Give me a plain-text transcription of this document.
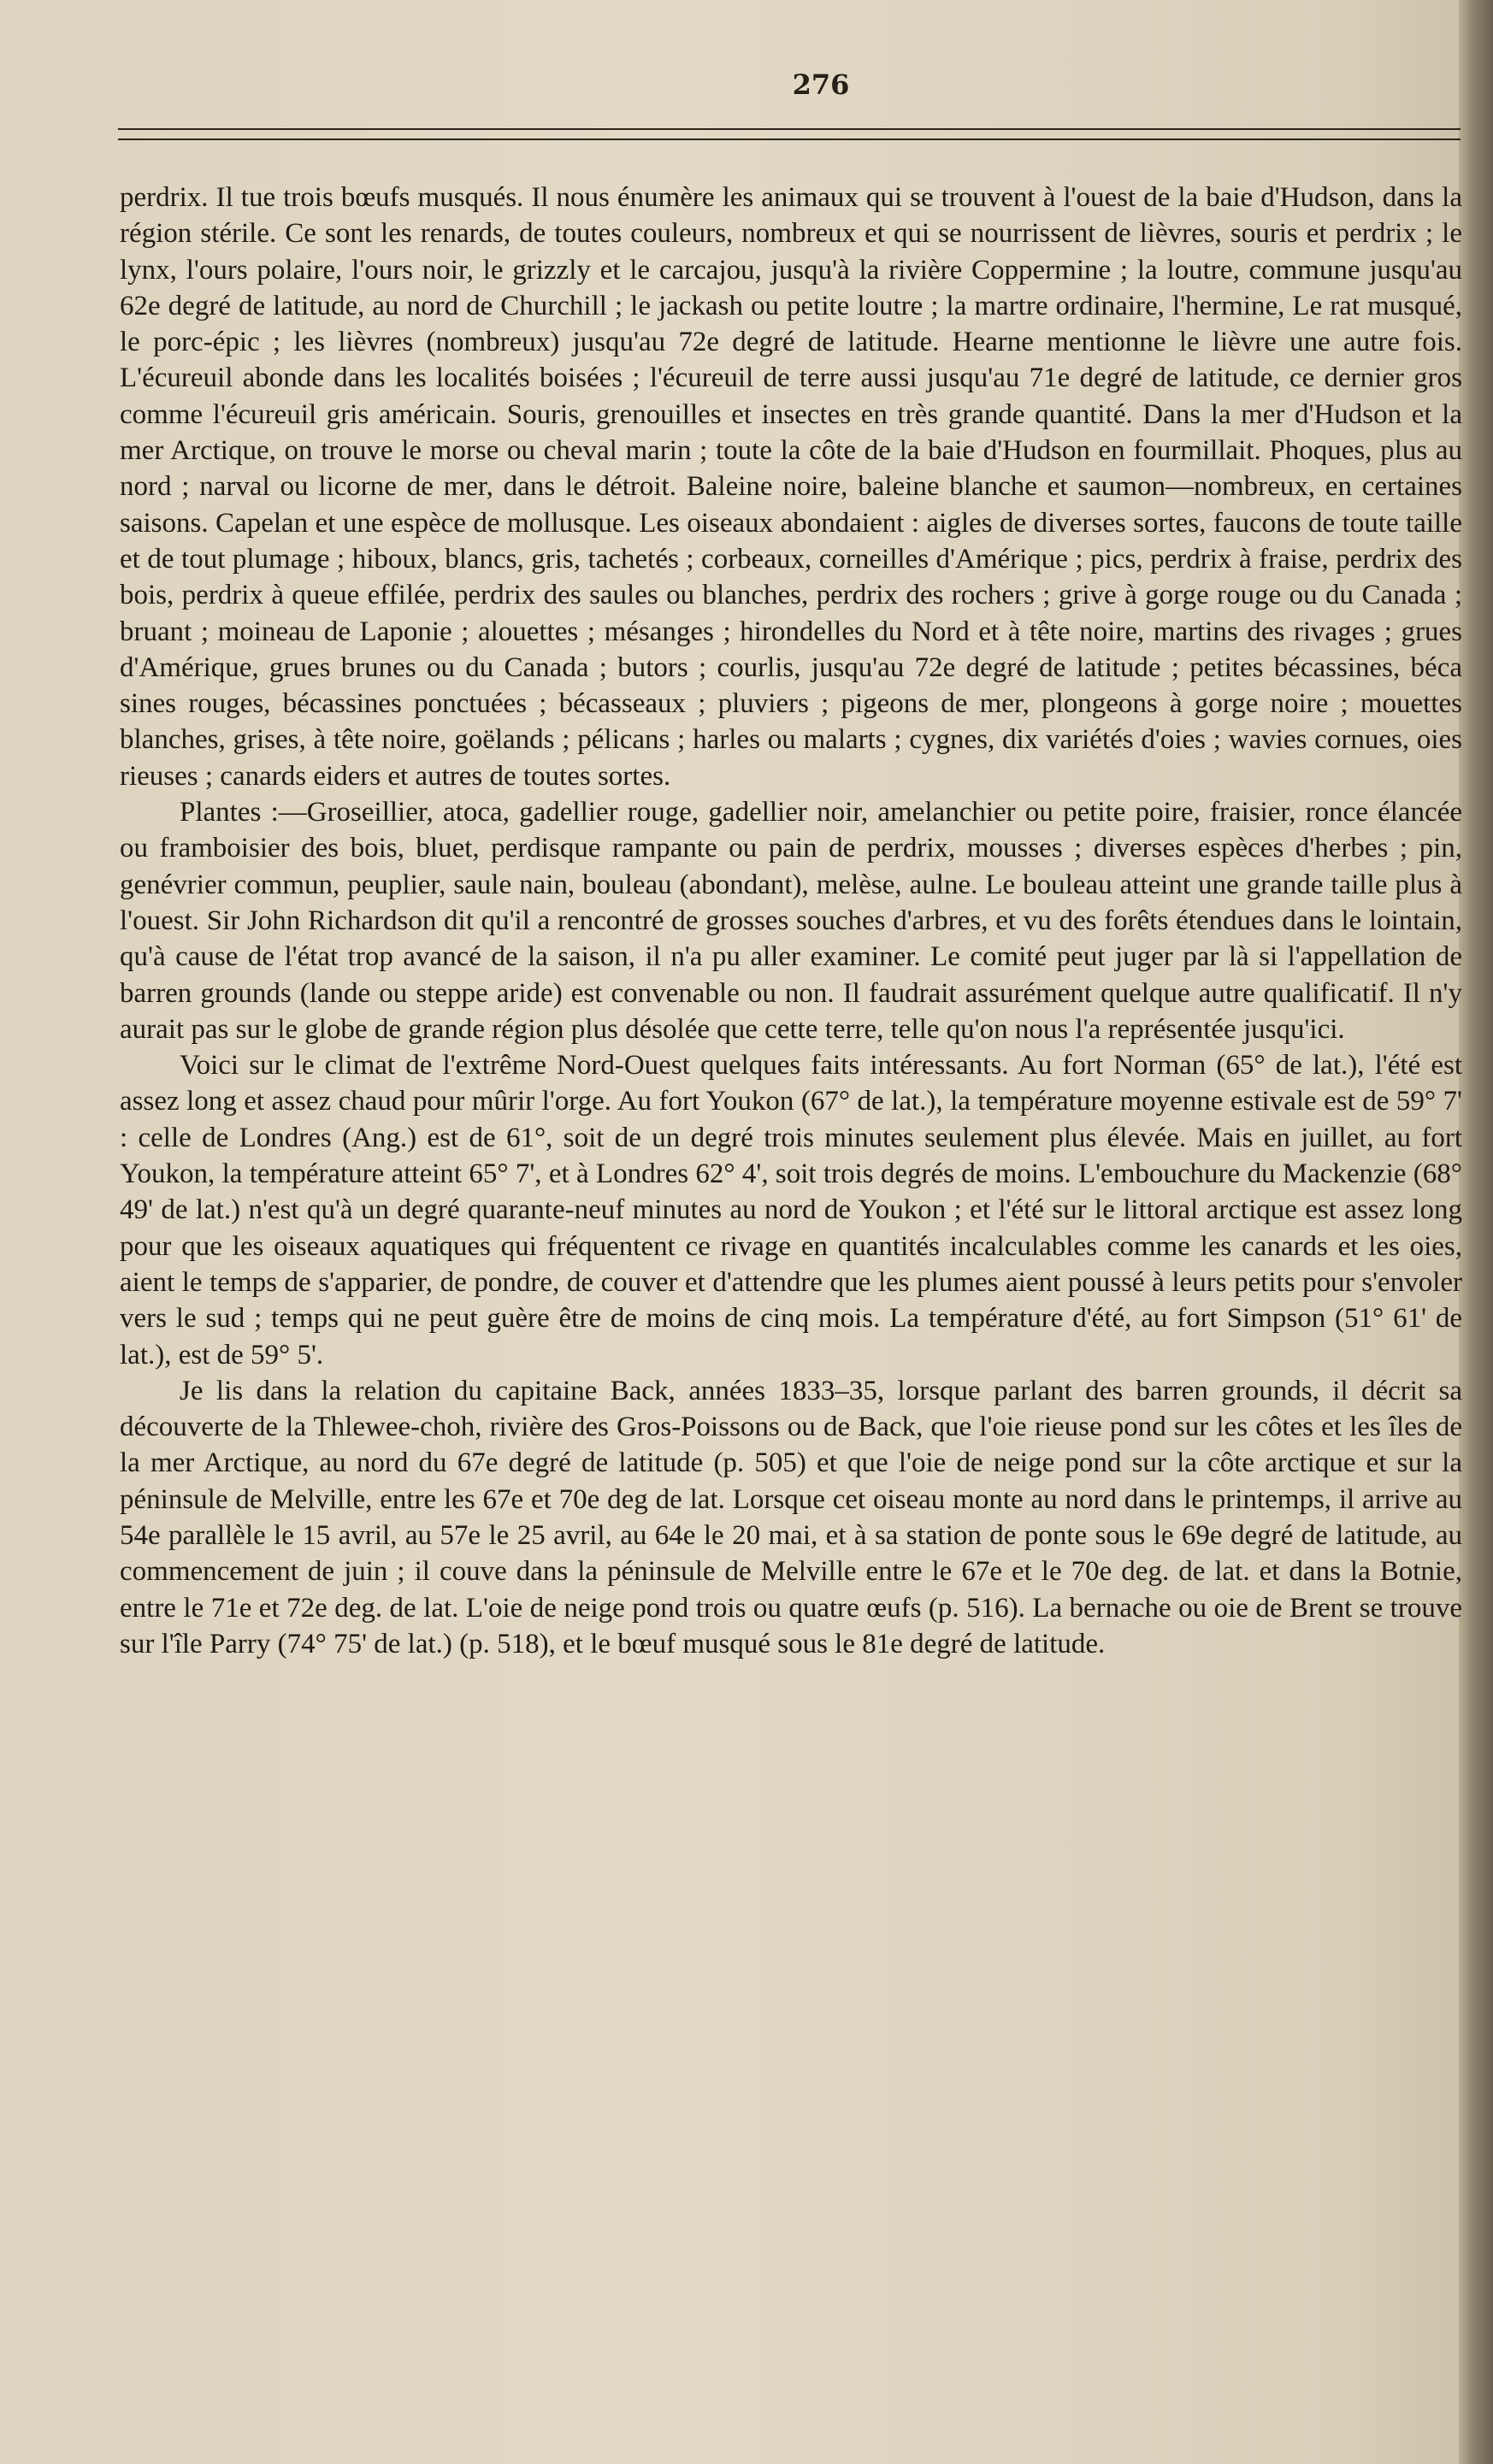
276

perdrix. Il tue trois bœufs musqués. Il nous énumère les animaux qui se trouvent à l'ouest de la baie d'Hudson, dans la région stérile. Ce sont les renards, de toutes couleurs, nombreux et qui se nourrissent de lièvres, souris et perdrix ; le lynx, l'ours polaire, l'ours noir, le grizzly et le carcajou, jusqu'à la rivière Coppermine ; la loutre, commune jusqu'au 62e degré de latitude, au nord de Churchill ; le jackash ou petite loutre ; la martre ordinaire, l'hermine, Le rat musqué, le porc-épic ; les lièvres (nombreux) jusqu'au 72e degré de latitude. Hearne mentionne le lièvre une autre fois. L'écureuil abonde dans les localités boisées ; l'écureuil de terre aussi jusqu'au 71e degré de latitude, ce dernier gros comme l'écureuil gris américain. Souris, grenouilles et insectes en très grande quantité. Dans la mer d'Hudson et la mer Arctique, on trouve le morse ou cheval marin ; toute la côte de la baie d'Hudson en fourmillait. Phoques, plus au nord ; narval ou licorne de mer, dans le détroit. Baleine noire, baleine blanche et saumon—nombreux, en certaines saisons. Capelan et une espèce de mollusque. Les oiseaux abondaient : aigles de diverses sortes, faucons de toute taille et de tout plumage ; hiboux, blancs, gris, tachetés ; corbeaux, corneilles d'Amérique ; pics, perdrix à fraise, perdrix des bois, perdrix à queue effilée, perdrix des saules ou blanches, perdrix des rochers ; grive à gorge rouge ou du Canada ; bruant ; moineau de Laponie ; alouettes ; mésanges ; hirondelles du Nord et à tête noire, martins des rivages ; grues d'Amérique, grues brunes ou du Canada ; butors ; courlis, jusqu'au 72e degré de latitude ; petites bécassines, béca sines rouges, bécassines ponctuées ; bécasseaux ; pluviers ; pigeons de mer, plongeons à gorge noire ; mouettes blanches, grises, à tête noire, goëlands ; pélicans ; harles ou malarts ; cygnes, dix variétés d'oies ; wavies cornues, oies rieuses ; canards eiders et autres de toutes sortes.

Plantes :—Groseillier, atoca, gadellier rouge, gadellier noir, amelanchier ou petite poire, fraisier, ronce élancée ou framboisier des bois, bluet, perdisque rampante ou pain de perdrix, mousses ; diverses espèces d'herbes ; pin, genévrier commun, peuplier, saule nain, bouleau (abondant), melèse, aulne. Le bouleau atteint une grande taille plus à l'ouest. Sir John Richardson dit qu'il a rencontré de grosses souches d'arbres, et vu des forêts étendues dans le lointain, qu'à cause de l'état trop avancé de la saison, il n'a pu aller examiner. Le comité peut juger par là si l'appellation de barren grounds (lande ou steppe aride) est convenable ou non. Il faudrait assurément quelque autre qualificatif. Il n'y aurait pas sur le globe de grande région plus désolée que cette terre, telle qu'on nous l'a représentée jusqu'ici.

Voici sur le climat de l'extrême Nord-Ouest quelques faits intéressants. Au fort Norman (65° de lat.), l'été est assez long et assez chaud pour mûrir l'orge. Au fort Youkon (67° de lat.), la température moyenne estivale est de 59° 7' : celle de Londres (Ang.) est de 61°, soit de un degré trois minutes seulement plus élevée. Mais en juillet, au fort Youkon, la température atteint 65° 7', et à Londres 62° 4', soit trois degrés de moins. L'embouchure du Mackenzie (68° 49' de lat.) n'est qu'à un degré quarante-neuf minutes au nord de Youkon ; et l'été sur le littoral arctique est assez long pour que les oiseaux aquatiques qui fréquentent ce rivage en quantités incalculables comme les canards et les oies, aient le temps de s'apparier, de pondre, de couver et d'attendre que les plumes aient poussé à leurs petits pour s'envoler vers le sud ; temps qui ne peut guère être de moins de cinq mois. La température d'été, au fort Simpson (51° 61' de lat.), est de 59° 5'.

Je lis dans la relation du capitaine Back, années 1833–35, lorsque parlant des barren grounds, il décrit sa découverte de la Thlewee-choh, rivière des Gros-Poissons ou de Back, que l'oie rieuse pond sur les côtes et les îles de la mer Arctique, au nord du 67e degré de latitude (p. 505) et que l'oie de neige pond sur la côte arctique et sur la péninsule de Melville, entre les 67e et 70e deg de lat. Lorsque cet oiseau monte au nord dans le printemps, il arrive au 54e parallèle le 15 avril, au 57e le 25 avril, au 64e le 20 mai, et à sa station de ponte sous le 69e degré de latitude, au commencement de juin ; il couve dans la péninsule de Melville entre le 67e et le 70e deg. de lat. et dans la Botnie, entre le 71e et 72e deg. de lat. L'oie de neige pond trois ou quatre œufs (p. 516). La bernache ou oie de Brent se trouve sur l'île Parry (74° 75' de lat.) (p. 518), et le bœuf musqué sous le 81e degré de latitude.
